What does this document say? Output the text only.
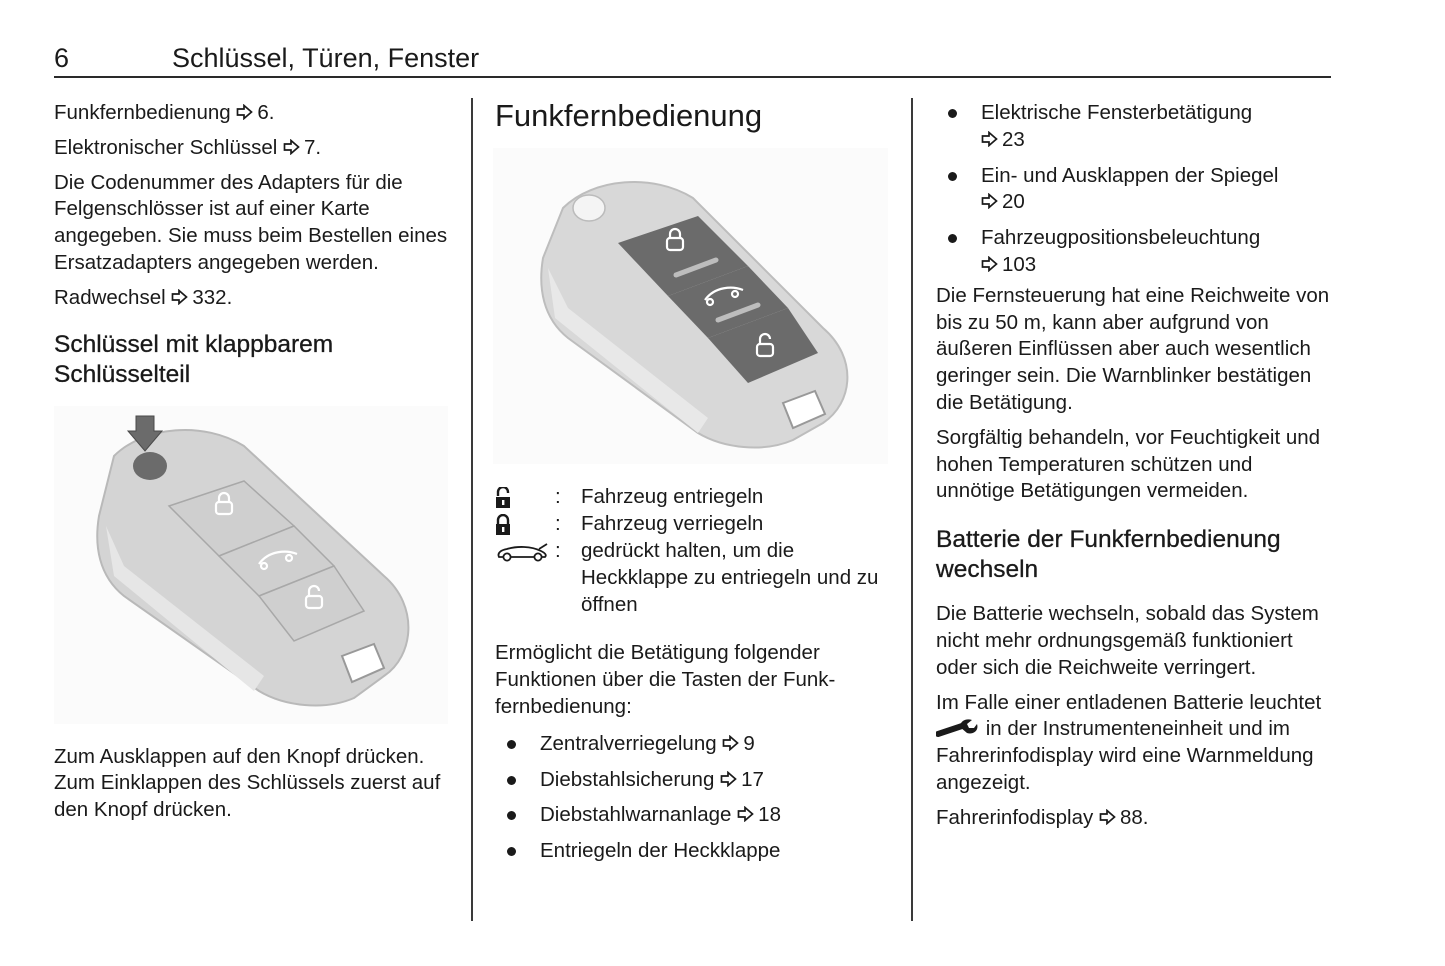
6	Schlüssel, Türen, Fenster

Funkfernbedienung 6.

Elektronischer Schlüssel 7.

Die Codenummer des Adapters für die Felgenschlösser ist auf einer Karte angegeben. Sie muss beim Bestellen eines Ersatzadapters angegeben werden.

Radwechsel 332.

Schlüssel mit klappbarem Schlüsselteil

Zum Ausklappen auf den Knopf drücken. Zum Einklappen des Schlüssels zuerst auf den Knopf drücken.

Funkfernbedienung
: Fahrzeug entriegeln
: Fahrzeug verriegeln
: gedrückt halten, um die Heckklappe zu entriegeln und zu öffnen

Ermöglicht die Betätigung folgender Funktionen über die Tasten der Funkfernbedienung:

Zentralverriegelung 9
Diebstahlsicherung 17
Diebstahlwarnanlage 18
Entriegeln der Heckklappe
Elektrische Fensterbetätigung
23
Ein- und Ausklappen der Spiegel
20
Fahrzeugpositionsbeleuchtung
103

Die Fernsteuerung hat eine Reichweite von bis zu 50 m, kann aber aufgrund von äußeren Einflüssen aber auch wesentlich geringer sein. Die Warnblinker bestätigen die Betätigung.

Sorgfältig behandeln, vor Feuchtigkeit und hohen Temperaturen schützen und unnötige Betätigungen vermeiden.

Batterie der Funkfernbedienung wechseln

Die Batterie wechseln, sobald das System nicht mehr ordnungsgemäß funktioniert oder sich die Reichweite verringert.

Im Falle einer entladenen Batterie leuchtet  in der Instrumenteneinheit und im Fahrerinfodisplay wird eine Warnmeldung angezeigt.

Fahrerinfodisplay 88.
